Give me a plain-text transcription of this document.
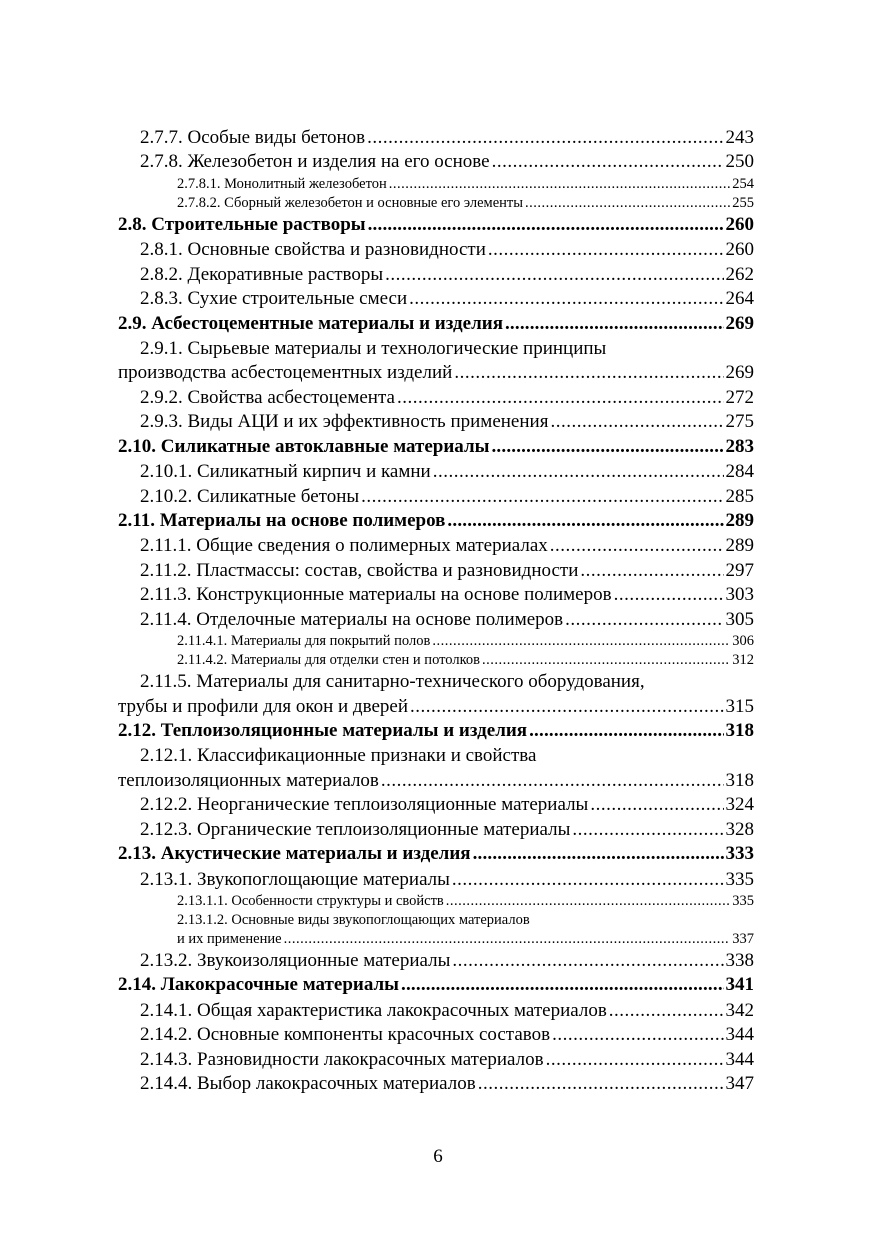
2.7.7. Особые виды бетонов .....	243
2.7.8. Железобетон и изделия на его основе .....	250
2.7.8.1. Монолитный железобетон .....	254
2.7.8.2. Сборный железобетон и основные его элементы .....	255
2.8. Строительные растворы .....	260
2.8.1. Основные свойства и разновидности .....	260
2.8.2. Декоративные растворы .....	262
2.8.3. Сухие строительные смеси .....	264
2.9. Асбестоцементные материалы и изделия .....	269
2.9.1. Сырьевые материалы и технологические принципы
производства асбестоцементных изделий .....	269
2.9.2. Свойства асбестоцемента .....	272
2.9.3. Виды АЦИ и их эффективность применения .....	275
2.10. Силикатные автоклавные материалы .....	283
2.10.1. Силикатный кирпич и камни .....	284
2.10.2. Силикатные бетоны .....	285
2.11. Материалы на основе полимеров .....	289
2.11.1. Общие сведения о полимерных материалах .....	289
2.11.2. Пластмассы: состав, свойства и разновидности .....	297
2.11.3. Конструкционные материалы на основе полимеров .....	303
2.11.4. Отделочные материалы на основе полимеров .....	305
2.11.4.1. Материалы для покрытий полов .....	306
2.11.4.2. Материалы для отделки стен и потолков .....	312
2.11.5. Материалы для санитарно-технического оборудования,
трубы и профили для окон и дверей .....	315
2.12. Теплоизоляционные материалы и изделия .....	318
2.12.1. Классификационные признаки и свойства
теплоизоляционных материалов .....	318
2.12.2. Неорганические теплоизоляционные материалы .....	324
2.12.3. Органические теплоизоляционные материалы .....	328
2.13. Акустические материалы и изделия .....	333
2.13.1. Звукопоглощающие материалы .....	335
2.13.1.1. Особенности структуры и свойств .....	335
2.13.1.2. Основные виды звукопоглощающих материалов
и их применение .....	337
2.13.2. Звукоизоляционные материалы .....	338
2.14. Лакокрасочные материалы .....	341
2.14.1. Общая характеристика лакокрасочных материалов .....	342
2.14.2. Основные компоненты красочных составов .....	344
2.14.3. Разновидности лакокрасочных материалов .....	344
2.14.4. Выбор лакокрасочных материалов .....	347
6
